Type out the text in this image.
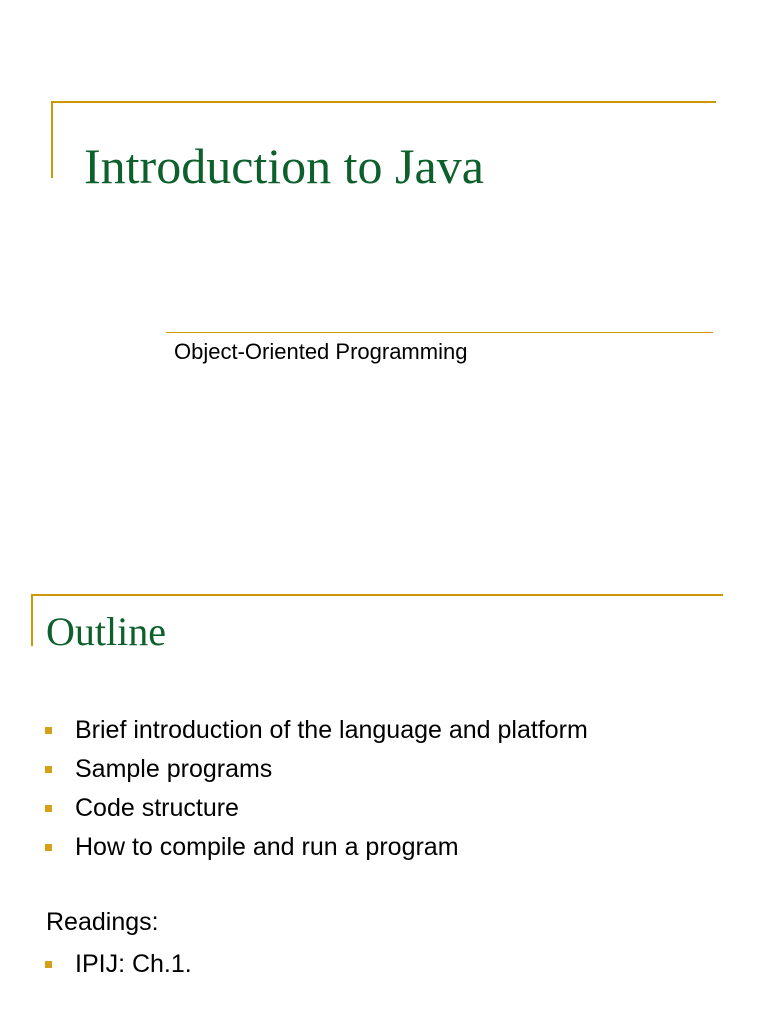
Introduction to Java
Object-Oriented Programming
Outline
Brief introduction of the language and platform
Sample programs
Code structure
How to compile and run a program
Readings:
IPIJ: Ch.1.
